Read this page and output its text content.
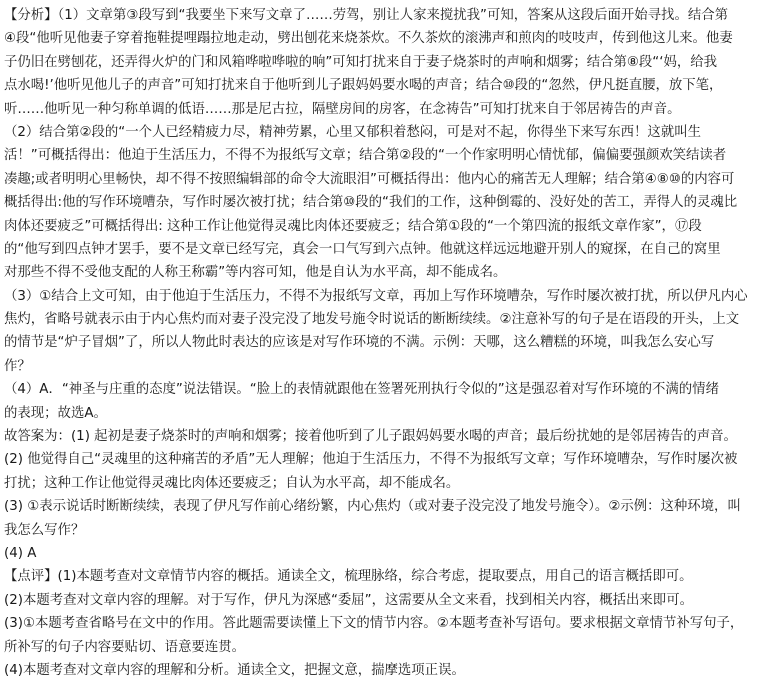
【分析】（1）文章第③段写到“我要坐下来写文章了……劳驾，别让人家来搅扰我”可知，答案从这段后面开始寻找。结合第
④段“他听见他妻子穿着拖鞋提哩蹋拉地走动，劈出刨花来烧茶炊。不久茶炊的滚沸声和煎肉的吱吱声，传到他这儿来。他妻
子仍旧在劈刨花，还弄得火炉的门和风箱哗啦哗啦的响”可知打扰来自于妻子烧茶时的声响和烟雾；结合第⑧段“‘妈，给我
点水喝!’他听见他儿子的声音”可知打扰来自于他听到儿子跟妈妈要水喝的声音；结合⑩段的“忽然，伊凡挺直腰，放下笔，
听……他听见一种匀称单调的低语……那是尼古拉，隔壁房间的房客，在念祷告”可知打扰来自于邻居祷告的声音。
（2）结合第②段的“一个人已经精疲力尽，精神劳累，心里又郁积着愁闷，可是对不起，你得坐下来写东西！这就叫生
活！”可概括得出：他迫于生活压力，不得不为报纸写文章；结合第②段的“一个作家明明心情忧郁，偏偏要强颜欢笑结读者
凑趣;或者明明心里畅快，却不得不按照编辑部的命令大流眼泪”可概括得出：他内心的痛苦无人理解；结合第④⑧⑩的内容可
概括得出:他的写作环境嘈杂，写作时屡次被打扰；结合第⑩段的“我们的工作，这种倒霉的、没好处的苦工，弄得人的灵魂比
肉体还要疲乏”可概括得出: 这种工作让他觉得灵魂比肉体还要疲乏；结合第①段的“一个第四流的报纸文章作家”，⑰段
的“他写到四点钟才罢手，要不是文章已经写完，真会一口气写到六点钟。他就这样远远地避开别人的窥探，在自己的窝里
对那些不得不受他支配的人称王称霸”等内容可知，他是自认为水平高，却不能成名。
（3）①结合上文可知，由于他迫于生活压力，不得不为报纸写文章，再加上写作环境嘈杂，写作时屡次被打扰，所以伊凡内心
焦灼，省略号就表示由于内心焦灼而对妻子没完没了地发号施令时说话的断断续续。②注意补写的句子是在语段的开头，上文
的情节是“炉子冒烟”了，所以人物此时表达的应该是对写作环境的不满。示例：天哪，这么糟糕的环境，叫我怎么安心写
作？
（4）A．“神圣与庄重的态度”说法错误。“脸上的表情就跟他在签署死刑执行令似的”这是强忍着对写作环境的不满的情绪
的表现；故选A。
故答案为：(1) 起初是妻子烧茶时的声响和烟雾；接着他听到了儿子跟妈妈要水喝的声音；最后纷扰她的是邻居祷告的声音。
(2) 他觉得自己“灵魂里的这种痛苦的矛盾”无人理解；他迫于生活压力，不得不为报纸写文章；写作环境嘈杂，写作时屡次被
打扰；这种工作让他觉得灵魂比肉体还要疲乏；自认为水平高，却不能成名。
(3) ①表示说话时断断续续，表现了伊凡写作前心绪纷繁，内心焦灼（或对妻子没完没了地发号施令）。②示例：这种环境，叫
我怎么写作？
(4) A
【点评】(1)本题考查对文章情节内容的概括。通读全文，梳理脉络，综合考虑，提取要点，用自己的语言概括即可。
(2)本题考查对文章内容的理解。对于写作，伊凡为深感“委屈”，这需要从全文来看，找到相关内容，概括出来即可。
(3)①本题考查省略号在文中的作用。答此题需要读懂上下文的情节内容。②本题考查补写语句。要求根据文章情节补写句子，
所补写的句子内容要贴切、语意要连贯。
(4)本题考查对文章内容的理解和分析。通读全文，把握文意，揣摩选项正误。
